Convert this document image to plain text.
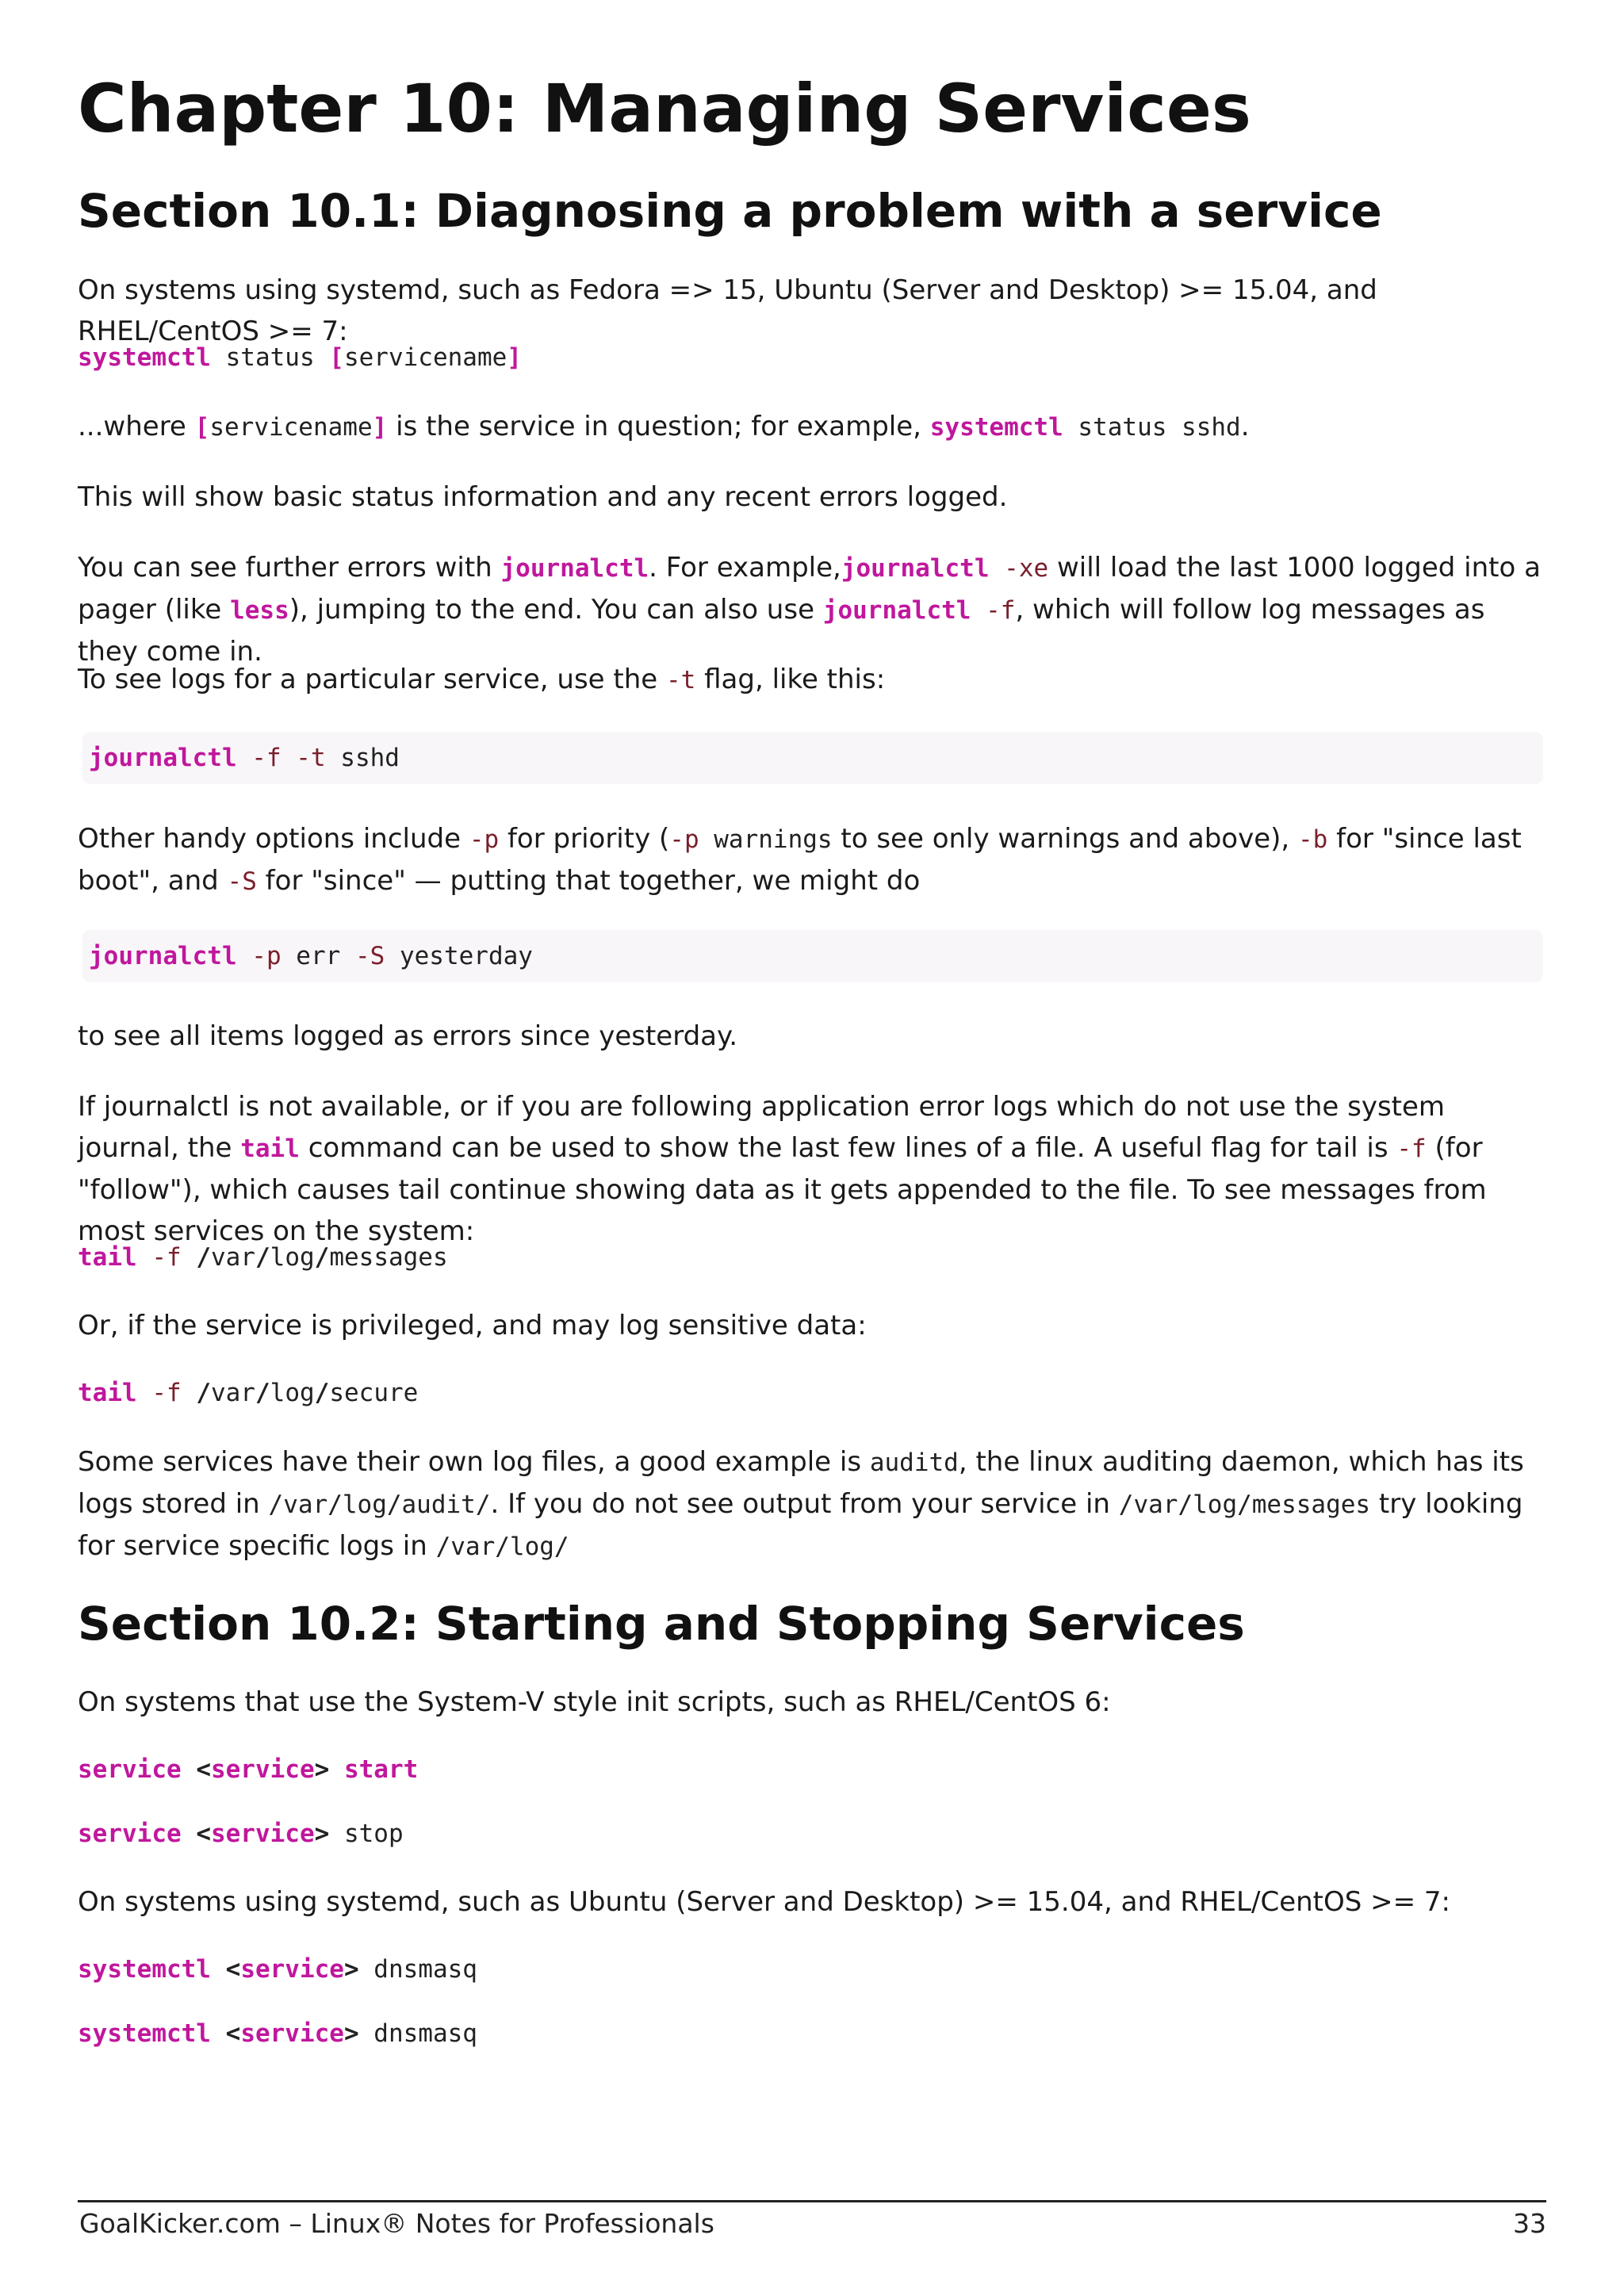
Chapter 10: Managing Services
Section 10.1: Diagnosing a problem with a service

On systems using systemd, such as Fedora => 15, Ubuntu (Server and Desktop) >= 15.04, and RHEL/CentOS >= 7:

systemctl status [servicename]

...where [servicename] is the service in question; for example, systemctl status sshd.

This will show basic status information and any recent errors logged.

You can see further errors with journalctl. For example,journalctl -xe will load the last 1000 logged into a pager (like less), jumping to the end. You can also use journalctl -f, which will follow log messages as they come in.

To see logs for a particular service, use the -t flag, like this:

journalctl -f -t sshd

Other handy options include -p for priority (-p warnings to see only warnings and above), -b for "since last boot", and -S for "since" — putting that together, we might do

journalctl -p err -S yesterday

to see all items logged as errors since yesterday.

If journalctl is not available, or if you are following application error logs which do not use the system journal, the tail command can be used to show the last few lines of a file. A useful flag for tail is -f (for "follow"), which causes tail continue showing data as it gets appended to the file. To see messages from most services on the system:

tail -f /var/log/messages

Or, if the service is privileged, and may log sensitive data:

tail -f /var/log/secure

Some services have their own log files, a good example is auditd, the linux auditing daemon, which has its logs stored in /var/log/audit/. If you do not see output from your service in /var/log/messages try looking for service specific logs in /var/log/

Section 10.2: Starting and Stopping Services

On systems that use the System-V style init scripts, such as RHEL/CentOS 6:

service <service> start
service <service> stop

On systems using systemd, such as Ubuntu (Server and Desktop) >= 15.04, and RHEL/CentOS >= 7:

systemctl <service> dnsmasq
systemctl <service> dnsmasq
GoalKicker.com – Linux® Notes for Professionals	33
